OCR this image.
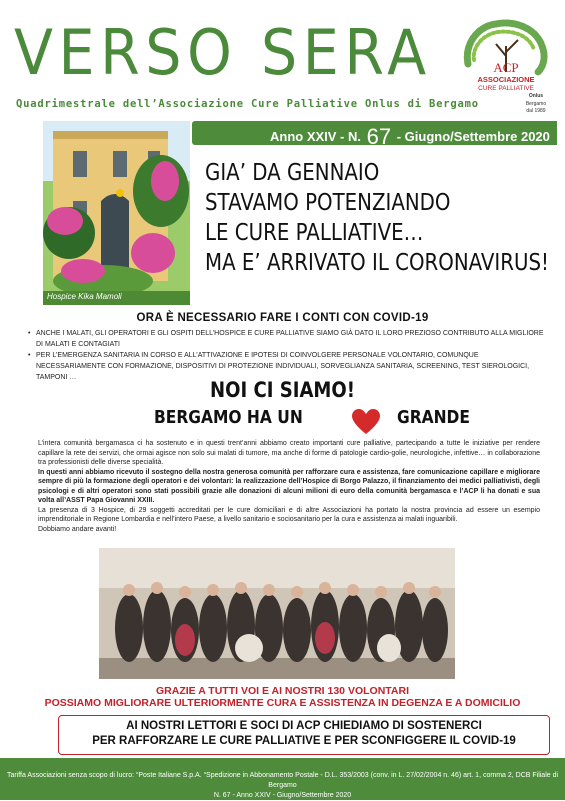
VERSO SERA
Quadrimestrale dell’Associazione Cure Palliative Onlus di Bergamo
ACP
ASSOCIAZIONE
CURE PALLIATIVE
Onlus
Bergamo
dal 1989
Anno XXIV - N. 67 - Giugno/Settembre 2020
Hospice Kika Mamoli
GIA’ DA GENNAIO
STAVAMO POTENZIANDO
LE CURE PALLIATIVE…
MA E’ ARRIVATO IL CORONAVIRUS!
ORA È NECESSARIO FARE I CONTI CON COVID-19
• ANCHE I MALATI, GLI OPERATORI E GLI OSPITI DELL’HOSPICE E CURE PALLIATIVE SIAMO GIÀ DATO IL LORO PREZIOSO CONTRIBUTO ALLA MIGLIORE DI MALATI E CONTAGIATI
• PER L’EMERGENZA SANITARIA IN CORSO E ALL’ATTIVAZIONE E IPOTESI DI COINVOLGERE PERSONALE VOLONTARIO, COMUNQUE NECESSARIAMENTE CON FORMAZIONE, DISPOSITIVI DI PROTEZIONE INDIVIDUALI, SORVEGLIANZA SANITARIA, SCREENING, TEST SIEROLOGICI, TAMPONI …
NOI CI SIAMO!
BERGAMO HA UN	GRANDE

L’intera comunità bergamasca ci ha sostenuto e in questi trent’anni abbiamo creato importanti cure palliative, partecipando a tutte le iniziative per rendere capillare la rete dei servizi, che ormai agisce non solo sui malati di tumore, ma anche di forme di patologie cardio-golie, neurologiche, infettive… in collaborazione tra professionisti delle diverse specialità.

In questi anni abbiamo ricevuto il sostegno della nostra generosa comunità per rafforzare cura e assistenza, fare comunicazione capillare e migliorare sempre di più la formazione degli operatori e dei volontari: la realizzazione dell’Hospice di Borgo Palazzo, il finanziamento dei medici palliativisti, degli psicologi e di altri operatori sono stati possibili grazie alle donazioni di alcuni milioni di euro della comunità bergamasca e l’ACP li ha donati e sua volta all’ASST Papa Giovanni XXIII.

La presenza di 3 Hospice, di 29 soggetti accreditati per le cure domiciliari e di altre Associazioni ha portato la nostra provincia ad essere un esempio imprenditoriale in Regione Lombardia e nell’intero Paese, a livello sanitario e sociosanitario per la cura e assistenza ai malati inguaribili.

Dobbiamo andare avanti!

GRAZIE A TUTTI VOI E AI NOSTRI 130 VOLONTARI
POSSIAMO MIGLIORARE ULTERIORMENTE CURA E ASSISTENZA IN DEGENZA E A DOMICILIO
AI NOSTRI LETTORI E SOCI DI ACP CHIEDIAMO DI SOSTENERCI
PER RAFFORZARE LE CURE PALLIATIVE E PER SCONFIGGERE IL COVID-19
Tariffa Associazioni senza scopo di lucro: “Poste Italiane S.p.A. “Spedizione in Abbonamento Postale - D.L. 353/2003 (conv. in L. 27/02/2004 n. 46) art. 1, comma 2, DCB Filiale di Bergamo
N. 67 - Anno XXIV - Giugno/Settembre 2020
